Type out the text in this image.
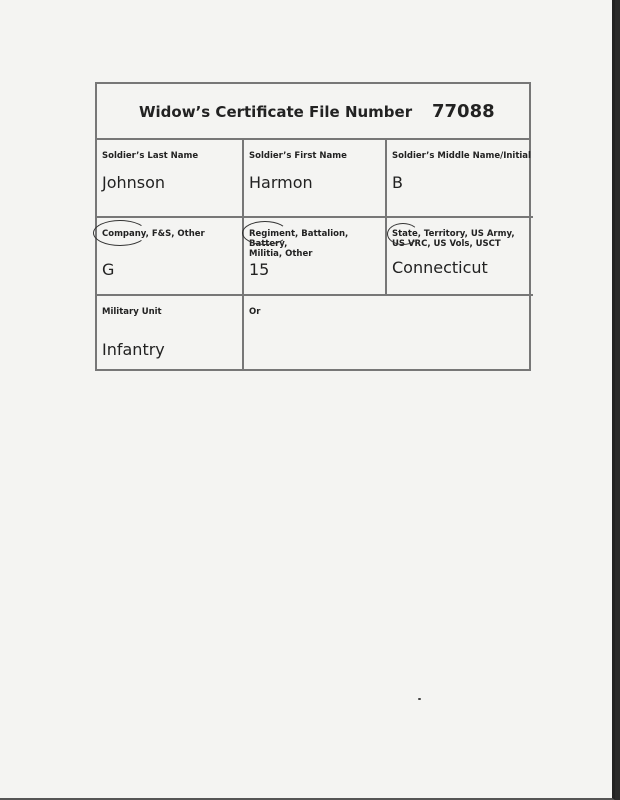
Widow’s Certificate File Number 77088
Soldier’s Last Name
Johnson
Soldier’s First Name
Harmon
Soldier’s Middle Name/Initial
B
Company, F&S, Other
G
Regiment, Battalion, Battery,
Militia, Other
15
State, Territory, US Army,
US VRC, US Vols, USCT
Connecticut
Military Unit
Infantry
Or
